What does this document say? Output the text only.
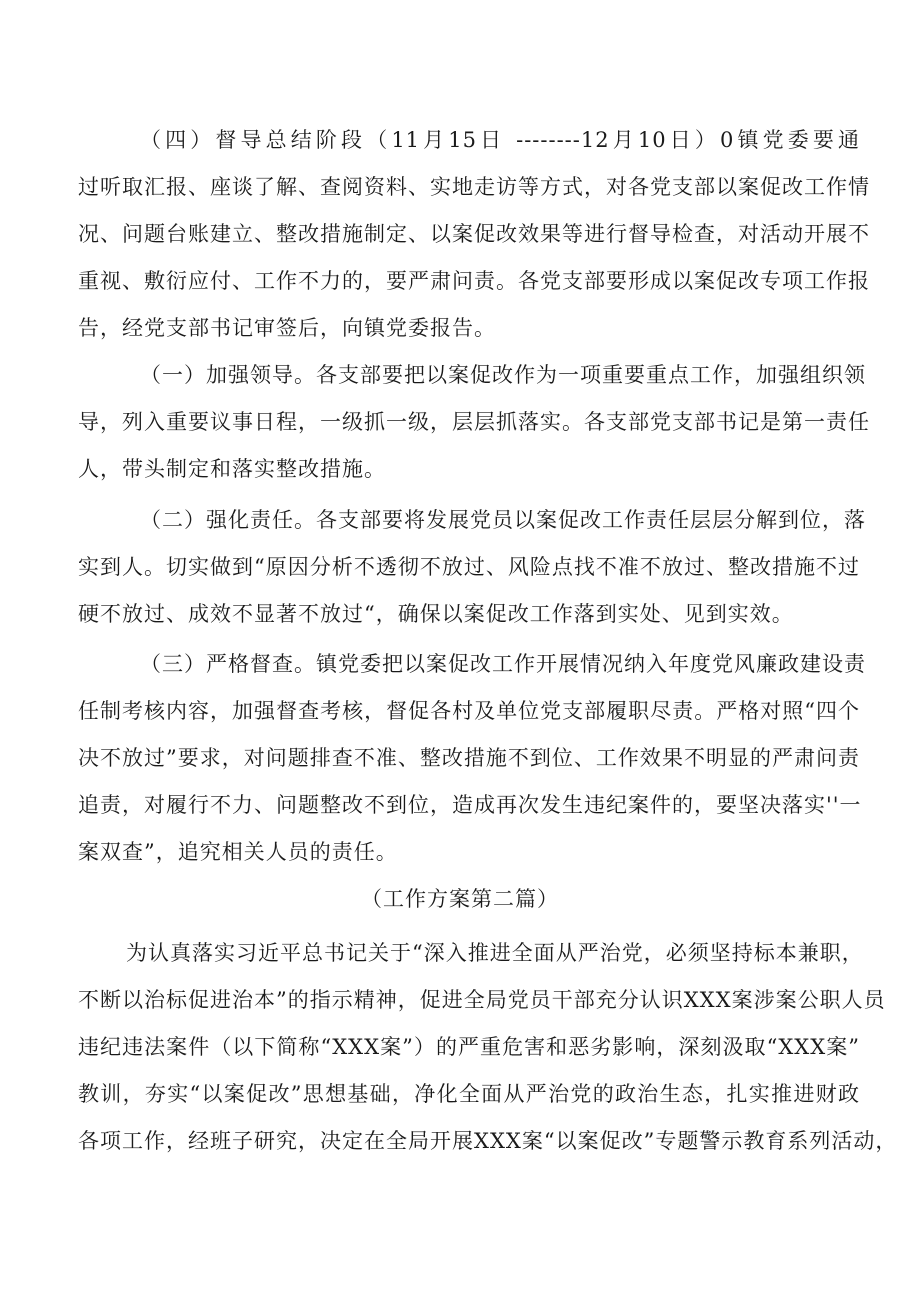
（四）督导总结阶段（11月15日 --------12月10日）0镇党委要通
过听取汇报、座谈了解、查阅资料、实地走访等方式，对各党支部以案促改工作情
况、问题台账建立、整改措施制定、以案促改效果等进行督导检查，对活动开展不
重视、敷衍应付、工作不力的，要严肃问责。各党支部要形成以案促改专项工作报
告，经党支部书记审签后，向镇党委报告。
（一）加强领导。各支部要把以案促改作为一项重要重点工作，加强组织领
导，列入重要议事日程，一级抓一级，层层抓落实。各支部党支部书记是第一责任
人，带头制定和落实整改措施。
（二）强化责任。各支部要将发展党员以案促改工作责任层层分解到位，落
实到人。切实做到“原因分析不透彻不放过、风险点找不准不放过、整改措施不过
硬不放过、成效不显著不放过“，确保以案促改工作落到实处、见到实效。
（三）严格督查。镇党委把以案促改工作开展情况纳入年度党风廉政建设责
任制考核内容，加强督查考核，督促各村及单位党支部履职尽责。严格对照“四个
决不放过”要求，对问题排查不准、整改措施不到位、工作效果不明显的严肃问责
追责，对履行不力、问题整改不到位，造成再次发生违纪案件的，要坚决落实''一
案双查”，追究相关人员的责任。
（工作方案第二篇）
为认真落实习近平总书记关于“深入推进全面从严治党，必须坚持标本兼职，
不断以治标促进治本”的指示精神，促进全局党员干部充分认识XXX案涉案公职人员
违纪违法案件（以下简称“XXX案”）的严重危害和恶劣影响，深刻汲取“XXX案”
教训，夯实“以案促改”思想基础，净化全面从严治党的政治生态，扎实推进财政
各项工作，经班子研究，决定在全局开展XXX案“以案促改”专题警示教育系列活动，
